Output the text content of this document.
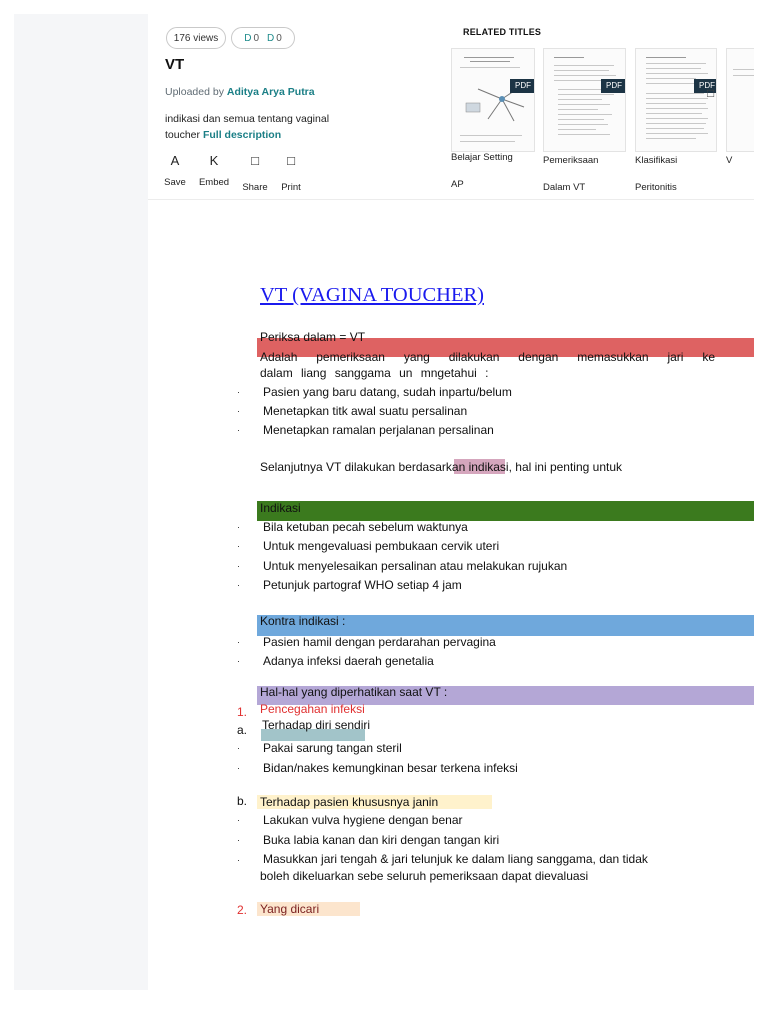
176 views	D 0 D 0
VT
Uploaded by Aditya Arya Putra
indikasi dan semua tentang vaginal toucher Full description
A
Save
K
Embed
□
Share
□
Print
RELATED TITLES
PDF	PDF	PDF
□
Belajar Setting
AP
Pemeriksaan
Dalam VT
Klasifikasi
Peritonitis
V
VT (VAGINA TOUCHER)
Periksa dalam = VT
Adalah pemeriksaan yang dilakukan dengan memasukkan jari ke
dalam liang sanggama un mngetahui :
· Pasien yang baru datang, sudah inpartu/belum
· Menetapkan titk awal suatu persalinan
· Menetapkan ramalan perjalanan persalinan
Selanjutnya VT dilakukan berdasarkan indikasi, hal ini penting untuk
Indikasi
· Bila ketuban pecah sebelum waktunya
· Untuk mengevaluasi pembukaan cervik uteri
· Untuk menyelesaikan persalinan atau melakukan rujukan
· Petunjuk partograf WHO setiap 4 jam
Kontra indikasi :
· Pasien hamil dengan perdarahan pervagina
· Adanya infeksi daerah genetalia
Hal-hal yang diperhatikan saat VT :
1. Pencegahan infeksi
a. Terhadap diri sendiri
· Pakai sarung tangan steril
· Bidan/nakes kemungkinan besar terkena infeksi
b. Terhadap pasien khususnya janin
· Lakukan vulva hygiene dengan benar
· Buka labia kanan dan kiri dengan tangan kiri
· Masukkan jari tengah & jari telunjuk ke dalam liang sanggama, dan tidak
boleh dikeluarkan sebe seluruh pemeriksaan dapat dievaluasi
2. Yang dicari
